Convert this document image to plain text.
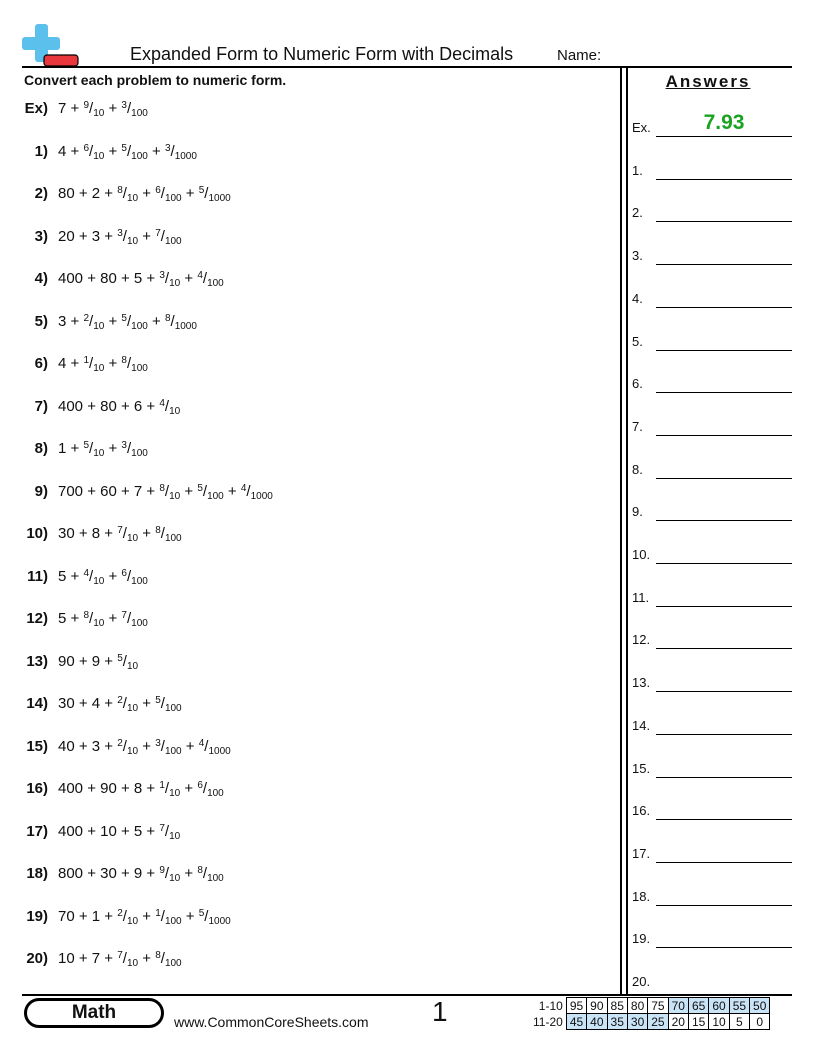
Expanded Form to Numeric Form with Decimals	Name:
Convert each problem to numeric form.	Answers
Ex) $7 + ^9/_{10} + ^3/_{100}$
1) $4 + ^6/_{10} + ^5/_{100} + ^3/_{1000}$
2) $80 + 2 + ^8/_{10} + ^6/_{100} + ^5/_{1000}$
3) $20 + 3 + ^3/_{10} + ^7/_{100}$
4) $400 + 80 + 5 + ^3/_{10} + ^4/_{100}$
5) $3 + ^2/_{10} + ^5/_{100} + ^8/_{1000}$
6) $4 + ^1/_{10} + ^8/_{100}$
7) $400 + 80 + 6 + ^4/_{10}$
8) $1 + ^5/_{10} + ^3/_{100}$
9) $700 + 60 + 7 + ^8/_{10} + ^5/_{100} + ^4/_{1000}$
10) $30 + 8 + ^7/_{10} + ^8/_{100}$
11) $5 + ^4/_{10} + ^6/_{100}$
12) $5 + ^8/_{10} + ^7/_{100}$
13) $90 + 9 + ^5/_{10}$
14) $30 + 4 + ^2/_{10} + ^5/_{100}$
15) $40 + 3 + ^2/_{10} + ^3/_{100} + ^4/_{1000}$
16) $400 + 90 + 8 + ^1/_{10} + ^6/_{100}$
17) $400 + 10 + 5 + ^7/_{10}$
18) $800 + 30 + 9 + ^9/_{10} + ^8/_{100}$
19) $70 + 1 + ^2/_{10} + ^1/_{100} + ^5/_{1000}$
20) $10 + 7 + ^7/_{10} + ^8/_{100}$
Ex.	7.93
1.
2.
3.
4.
5.
6.
7.
8.
9.
10.
11.
12.
13.
14.
15.
16.
17.
18.
19.
20.
Math	www.CommonCoreSheets.com 1	1-10	95	90	85	80	75	70	65	60	55	50
11-20	45	40	35	30	25	20	15	10	5	0
